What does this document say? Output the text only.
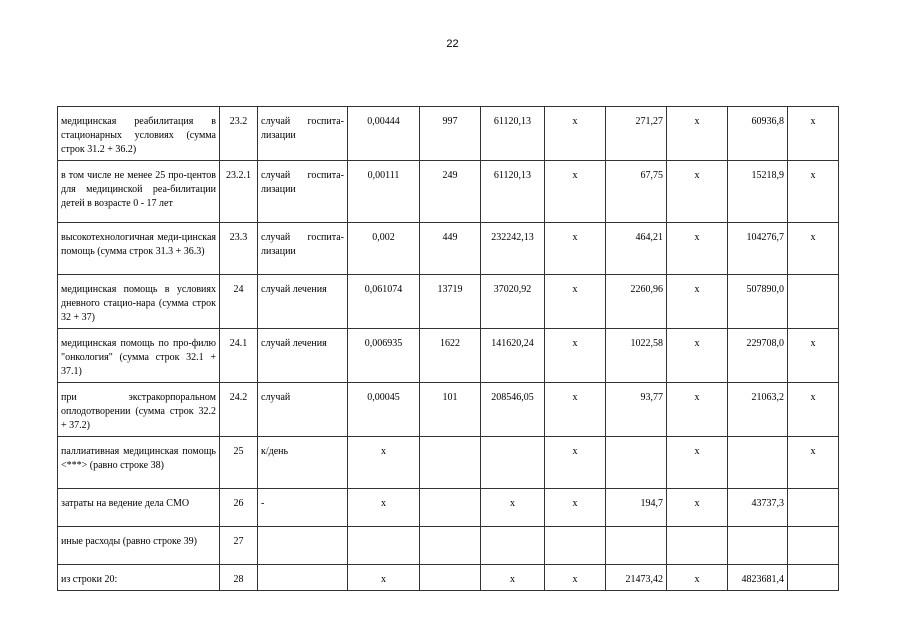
22
медицинская реабилитация в стационарных условиях (сумма строк 31.2 + 36.2)	23.2	случай госпита-лизации	0,00444	997	61120,13	х	271,27	х	60936,8	х
в том числе не менее 25 про-центов для медицинской реа-билитации детей в возрасте 0 - 17 лет	23.2.1	случай госпита-лизации	0,00111	249	61120,13	х	67,75	х	15218,9	х
высокотехнологичная меди-цинская помощь (сумма строк 31.3 + 36.3)	23.3	случай госпита-лизации	0,002	449	232242,13	х	464,21	х	104276,7	х
медицинская помощь в условиях дневного стацио-нара (сумма строк 32 + 37)	24	случай лечения	0,061074	13719	37020,92	х	2260,96	х	507890,0	
медицинская помощь по про-филю "онкология" (сумма строк 32.1 + 37.1)	24.1	случай лечения	0,006935	1622	141620,24	х	1022,58	х	229708,0	х
при экстракорпоральном оплодотворении (сумма строк 32.2 + 37.2)	24.2	случай	0,00045	101	208546,05	х	93,77	х	21063,2	х
паллиативная медицинская помощь <***> (равно строке 38)	25	к/день	х			х		х		х
затраты на ведение дела СМО	26	-	х		х	х	194,7	х	43737,3	
иные расходы (равно строке 39)	27									
из строки 20:	28		х		х	х	21473,42	х	4823681,4	
